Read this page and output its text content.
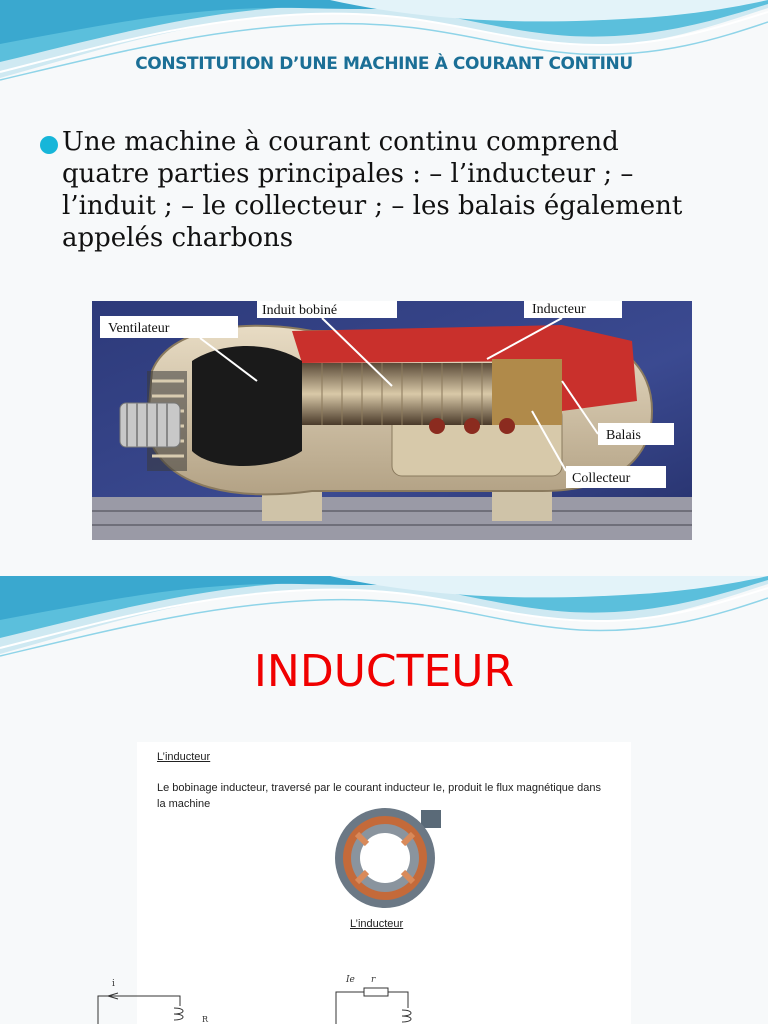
CONSTITUTION D’UNE MACHINE À COURANT CONTINU

Une machine à courant continu comprend quatre parties principales : – l’inducteur ; – l’induit ; – le collecteur ; – les balais également appelés charbons

Ventilateur
Induit bobiné	Inducteur
Balais
Collecteur
INDUCTEUR
L’inducteur
Le bobinage inducteur, traversé par le courant inducteur Ie, produit le flux magnétique dans la machine
L’inducteur
i
R
Ie r
